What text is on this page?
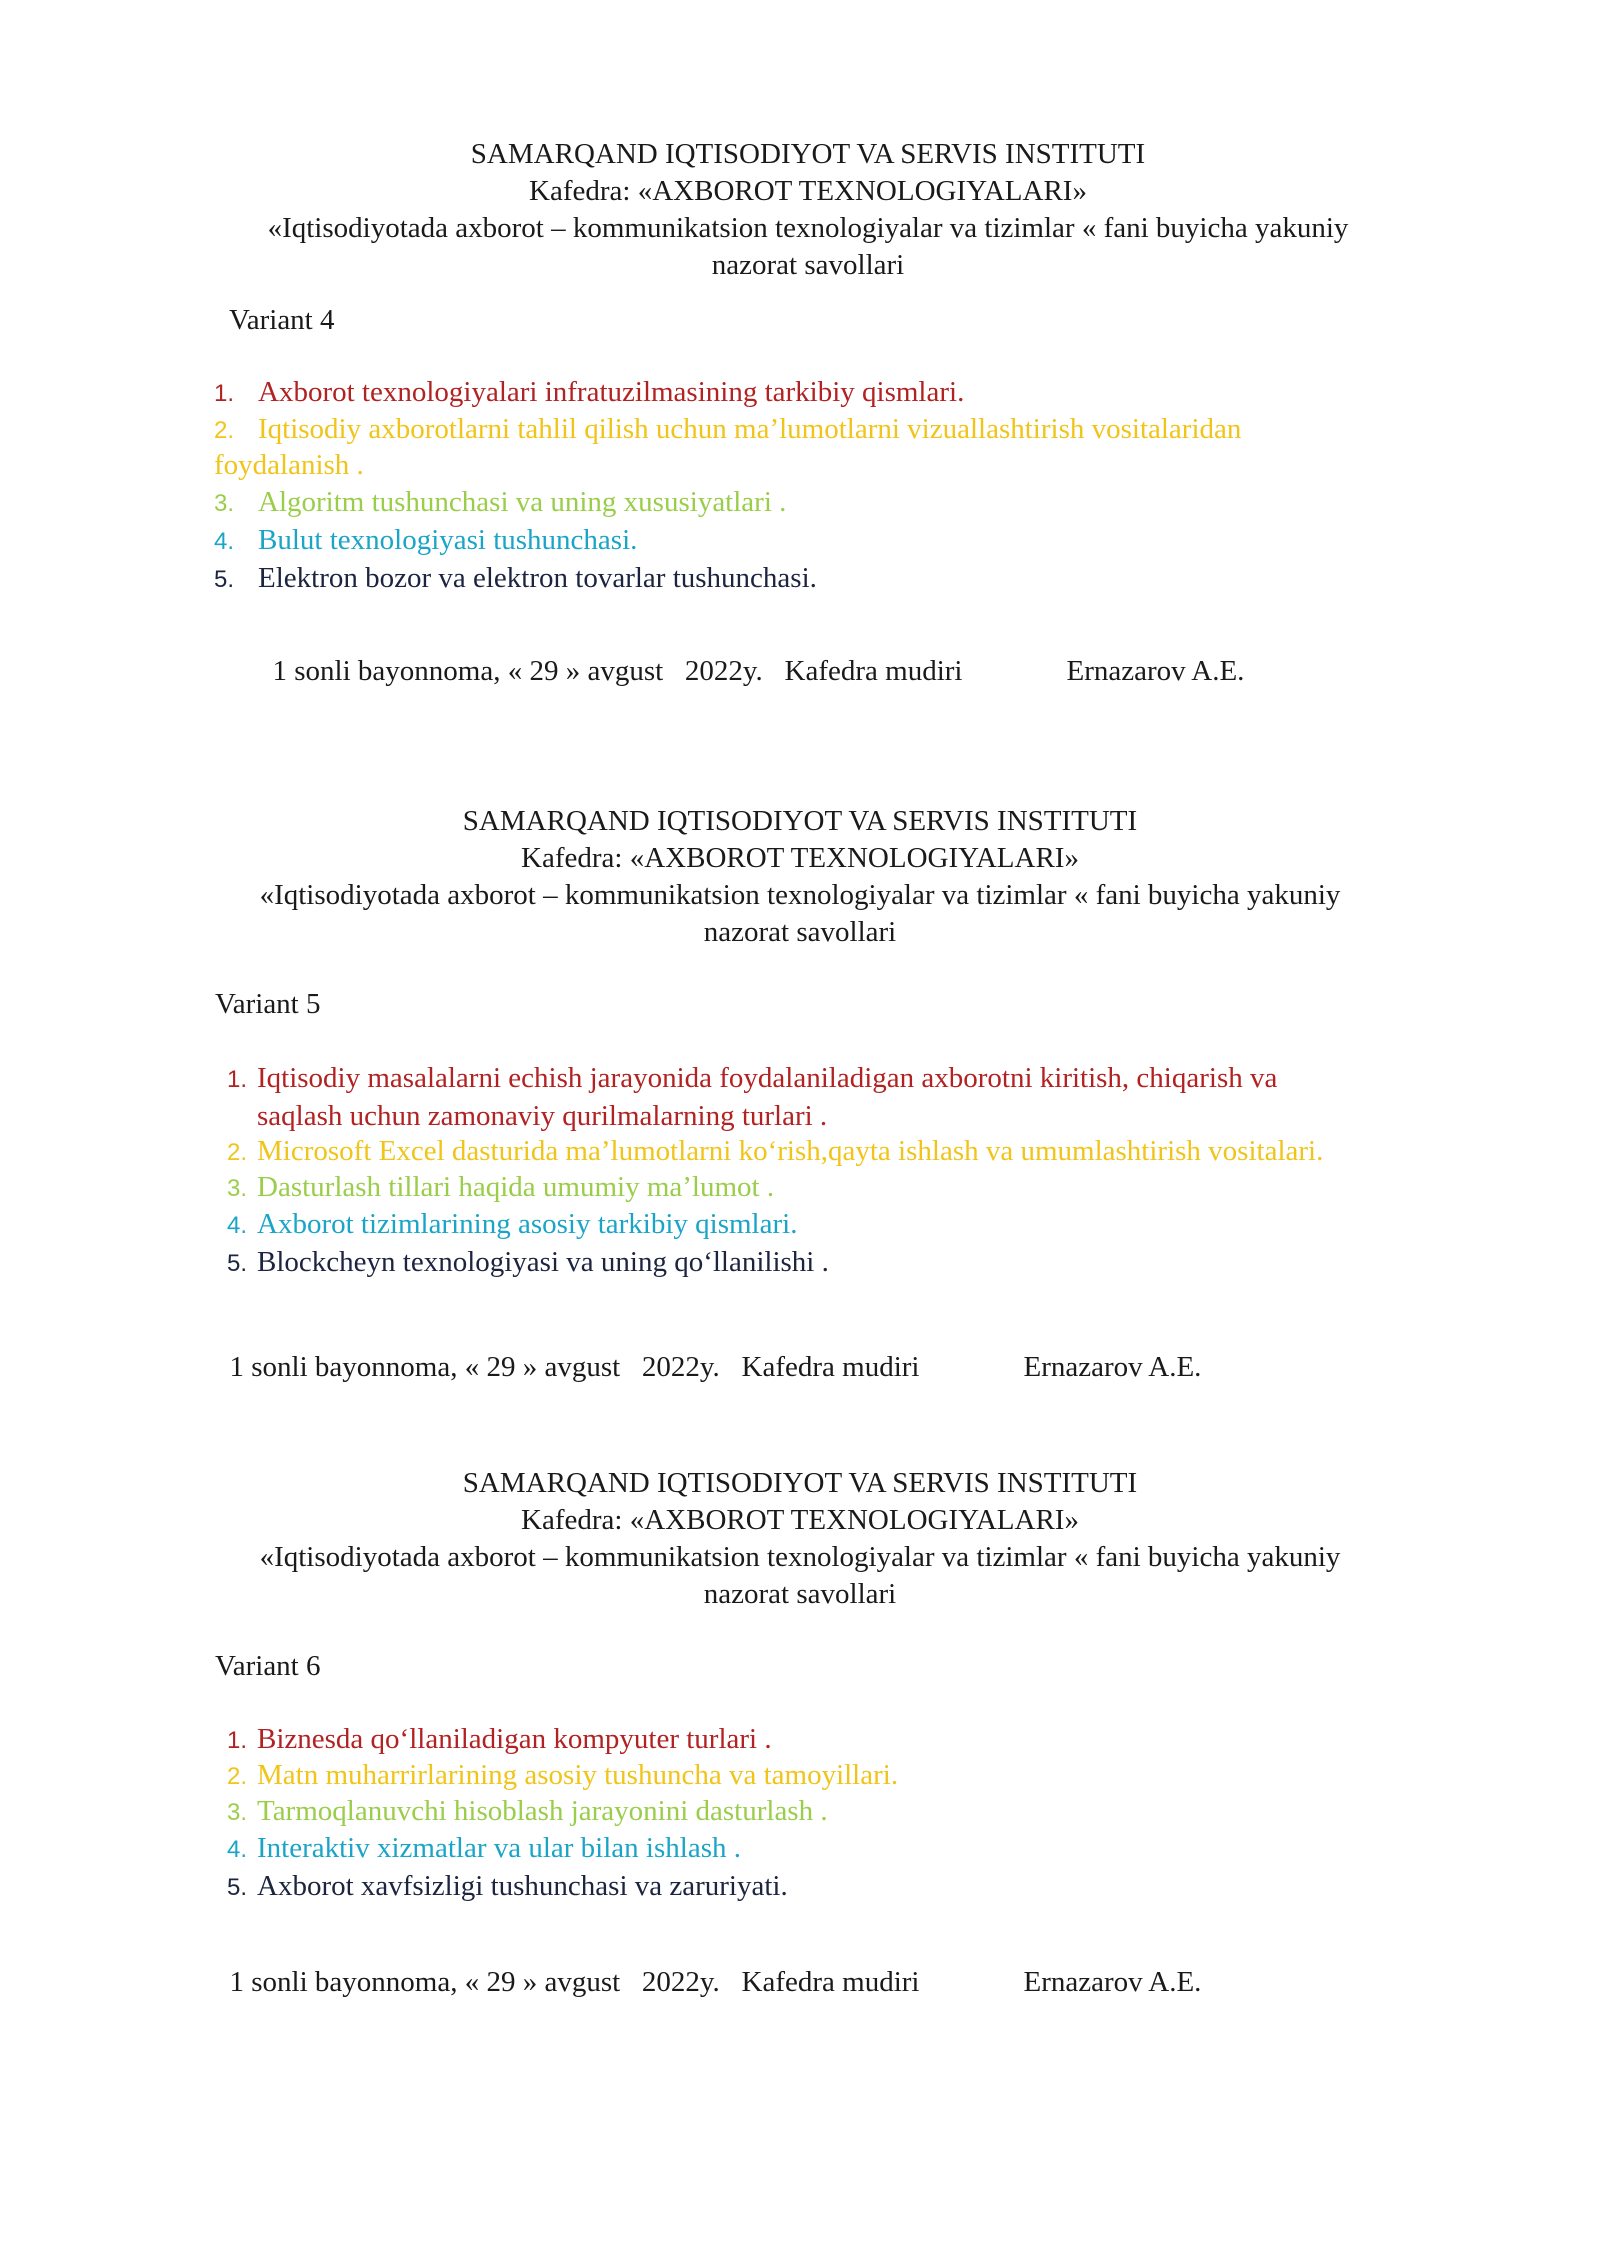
SAMARQAND IQTISODIYOT VA SERVIS INSTITUTI
Kafedra: «AXBOROT TEXNOLOGIYALARI»
«Iqtisodiyotada axborot – kommunikatsion texnologiyalar va tizimlar « fani buyicha yakuniy
nazorat savollari
Variant 4
1. Axborot texnologiyalari infratuzilmasining tarkibiy qismlari.
2. Iqtisodiy axborotlarni tahlil qilish uchun ma’lumotlarni vizuallashtirish vositalaridan
foydalanish .
3. Algoritm tushunchasi va uning xususiyatlari .
4. Bulut texnologiyasi tushunchasi.
5. Elektron bozor va elektron tovarlar tushunchasi.

1 sonli bayonnoma, « 29 » avgust   2022y.   Kafedra mudiri	Ernazarov A.E.

SAMARQAND IQTISODIYOT VA SERVIS INSTITUTI
Kafedra: «AXBOROT TEXNOLOGIYALARI»
«Iqtisodiyotada axborot – kommunikatsion texnologiyalar va tizimlar « fani buyicha yakuniy
nazorat savollari
Variant 5
1. Iqtisodiy masalalarni echish jarayonida foydalaniladigan axborotni kiritish, chiqarish va
saqlash uchun zamonaviy qurilmalarning turlari .
2. Microsoft Excel dasturida ma’lumotlarni ko‘rish,qayta ishlash va umumlashtirish vositalari.
3. Dasturlash tillari haqida umumiy ma’lumot .
4. Axborot tizimlarining asosiy tarkibiy qismlari.
5. Blockcheyn texnologiyasi va uning qo‘llanilishi .

1 sonli bayonnoma, « 29 » avgust   2022y.   Kafedra mudiri	Ernazarov A.E.

SAMARQAND IQTISODIYOT VA SERVIS INSTITUTI
Kafedra: «AXBOROT TEXNOLOGIYALARI»
«Iqtisodiyotada axborot – kommunikatsion texnologiyalar va tizimlar « fani buyicha yakuniy
nazorat savollari
Variant 6
1. Biznesda qo‘llaniladigan kompyuter turlari .
2. Matn muharrirlarining asosiy tushuncha va tamoyillari.
3. Tarmoqlanuvchi hisoblash jarayonini dasturlash .
4. Interaktiv xizmatlar va ular bilan ishlash .
5. Axborot xavfsizligi tushunchasi va zaruriyati.

1 sonli bayonnoma, « 29 » avgust   2022y.   Kafedra mudiri	Ernazarov A.E.
